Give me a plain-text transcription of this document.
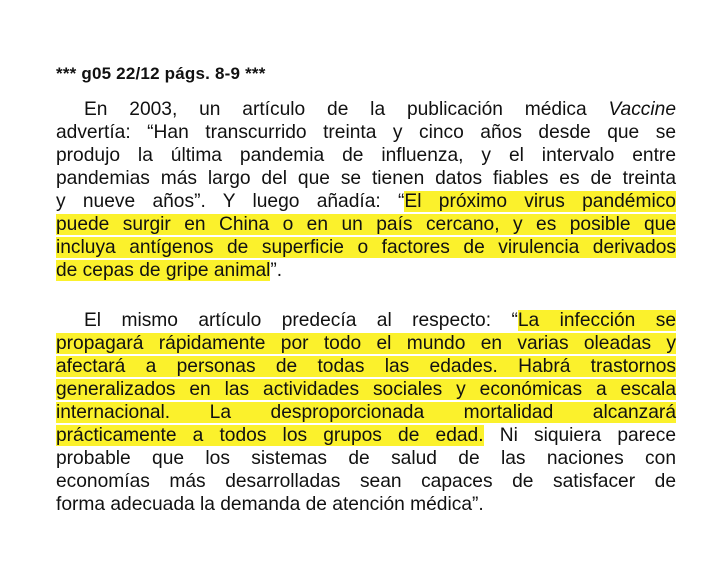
*** g05 22/12 págs. 8-9 ***
En 2003, un artículo de la publicación médica Vaccine
advertía: “Han transcurrido treinta y cinco años desde que se
produjo la última pandemia de influenza, y el intervalo entre
pandemias más largo del que se tienen datos fiables es de treinta
y nueve años”. Y luego añadía: “El próximo virus pandémico
puede surgir en China o en un país cercano, y es posible que
incluya antígenos de superficie o factores de virulencia derivados
de cepas de gripe animal”.
El mismo artículo predecía al respecto: “La infección se
propagará rápidamente por todo el mundo en varias oleadas y
afectará a personas de todas las edades. Habrá trastornos
generalizados en las actividades sociales y económicas a escala
internacional. La desproporcionada mortalidad alcanzará
prácticamente a todos los grupos de edad. Ni siquiera parece
probable que los sistemas de salud de las naciones con
economías más desarrolladas sean capaces de satisfacer de
forma adecuada la demanda de atención médica”.
